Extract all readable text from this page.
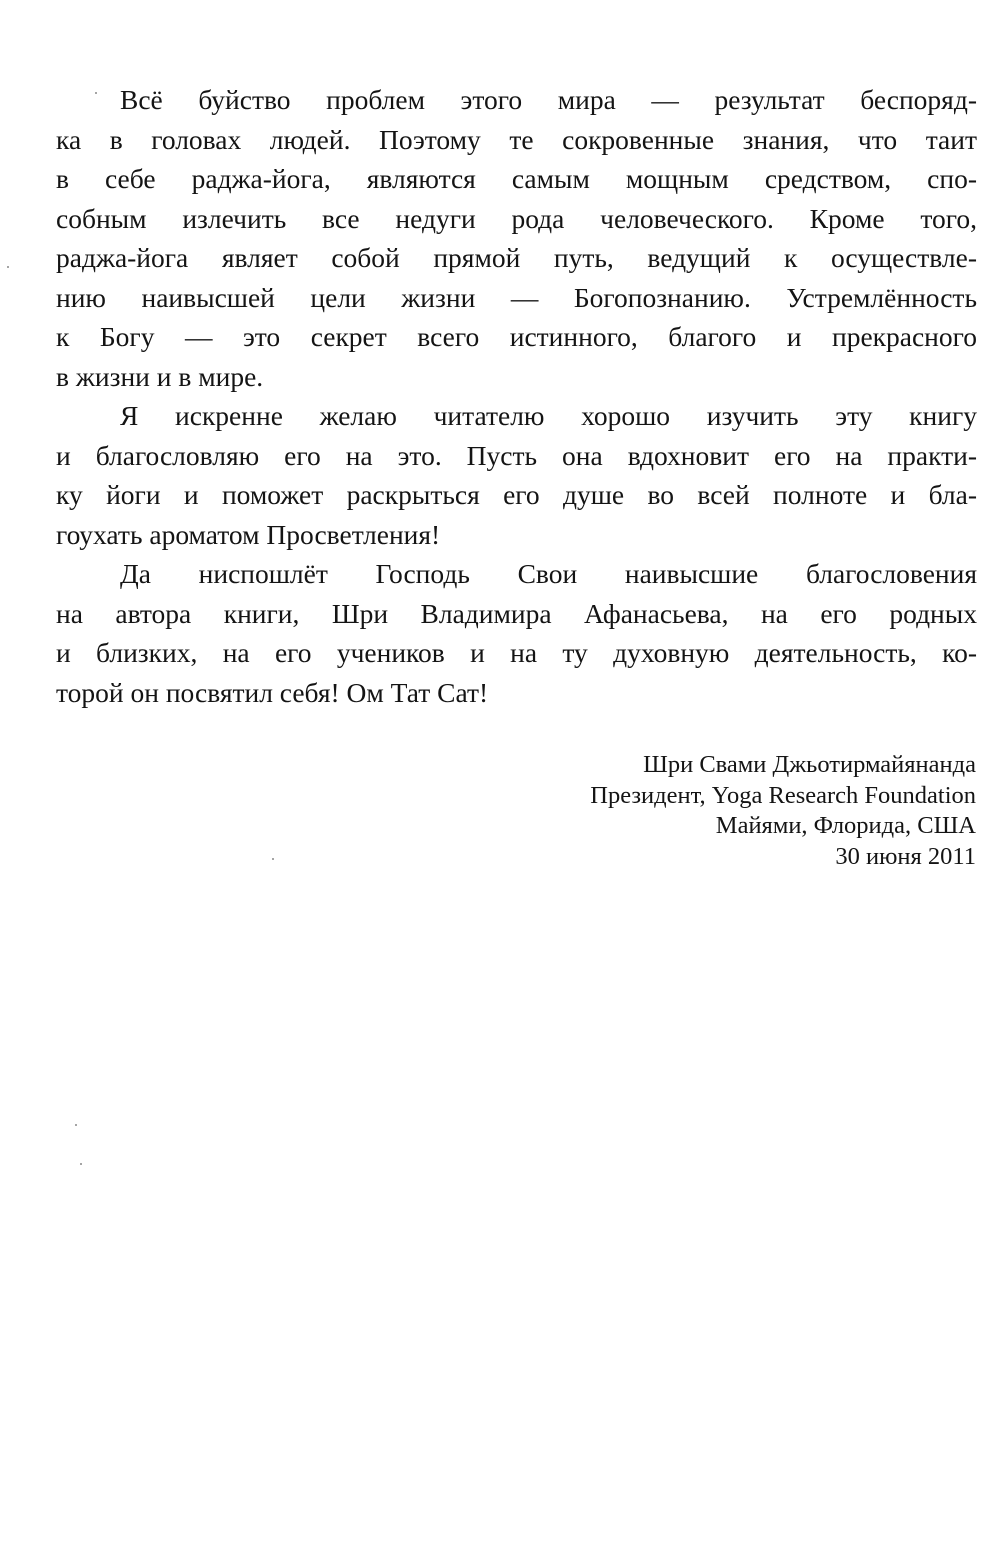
Всё буйство проблем этого мира — результат беспоряд-
ка в головах людей. Поэтому те сокровенные знания, что таит
в себе раджа-йога, являются самым мощным средством, спо-
собным излечить все недуги рода человеческого. Кроме того,
раджа-йога являет собой прямой путь, ведущий к осуществле-
нию наивысшей цели жизни — Богопознанию. Устремлённость
к Богу — это секрет всего истинного, благого и прекрасного
в жизни и в мире.
Я искренне желаю читателю хорошо изучить эту книгу
и благословляю его на это. Пусть она вдохновит его на практи-
ку йоги и поможет раскрыться его душе во всей полноте и бла-
гоухать ароматом Просветления!
Да ниспошлёт Господь Свои наивысшие благословения
на автора книги, Шри Владимира Афанасьева, на его родных
и близких, на его учеников и на ту духовную деятельность, ко-
торой он посвятил себя! Ом Тат Сат!
Шри Свами Джьотирмайянанда
Президент, Yoga Research Foundation
Майями, Флорида, США
30 июня 2011
